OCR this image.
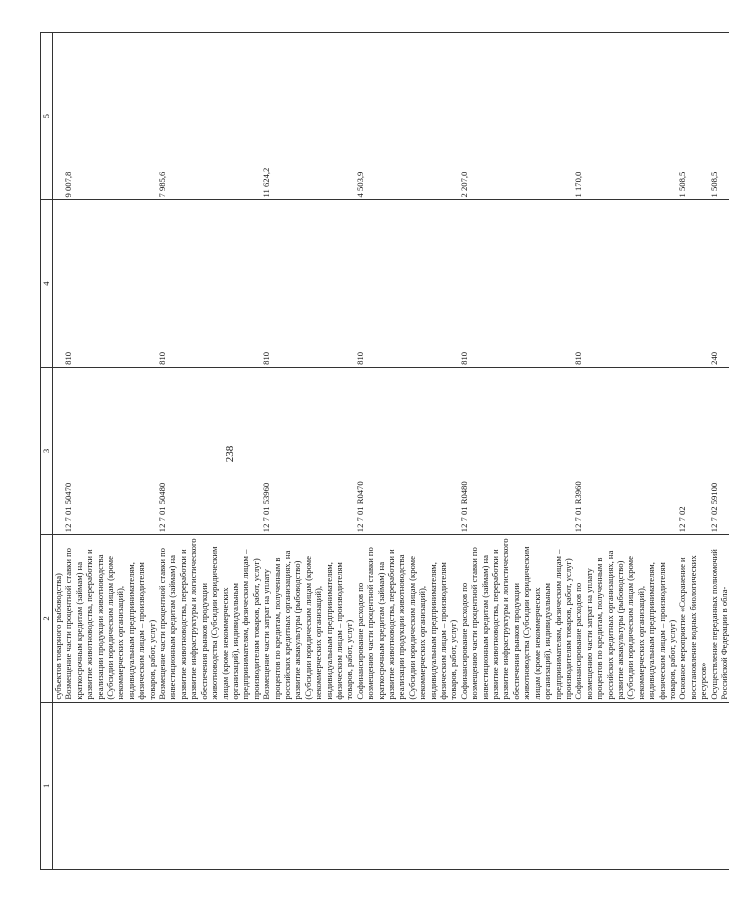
238
1	2	3	4	5
	субъектов товарного рыбоводства)			
	Возмещение части процентной ставки по краткосрочным кредитам (займам) на развитие животноводства, переработки и реализации продукции животноводства (Субсидии юридическим лицам (кроме некоммерческих организаций), индивидуальным предпринимателям, физическим лицам – производителям товаров, работ, услуг)	12 7 01 50470	810	9 007,8
	Возмещение части процентной ставки по инвестиционным кредитам (займам) на развитие животноводства, переработки и развитие инфраструктуры и логистического обеспечения рынков продукции животноводства (Субсидии юридическим лицам (кроме некоммерческих организаций), индивидуальным предпринимателям, физическим лицам – производителям товаров, работ, услуг)	12 7 01 50480	810	7 985,6
	Возмещение части затрат на уплату процентов по кредитам, полученным в российских кредитных организациях, на развитие аквакультуры (рыбоводство) (Субсидии юридическим лицам (кроме некоммерческих организаций), индивидуальным предпринимателям, физическим лицам – производителям товаров, работ, услуг)	12 7 01 53960	810	11 624,2
	Софинансирование расходов по возмещению части процентной ставки по краткосрочным кредитам (займам) на развитие животноводства, переработки и реализации продукции животноводства (Субсидии юридическим лицам (кроме некоммерческих организаций), индивидуальным предпринимателям, физическим лицам – производителям товаров, работ, услуг)	12 7 01 R0470	810	4 503,9
	Софинансирование расходов по возмещению части процентной ставки по инвестиционным кредитам (займам) на развитие животноводства, переработки и развитие инфраструктуры и логистического обеспечения рынков продукции животноводства (Субсидии юридическим лицам (кроме некоммерческих организаций), индивидуальным предпринимателям, физическим лицам – производителям товаров, работ, услуг)	12 7 01 R0480	810	2 207,0
	Софинансирование расходов по возмещению части затрат на уплату процентов по кредитам, полученным в российских кредитных организациях, на развитие аквакультуры (рыбоводство) (Субсидии юридическим лицам (кроме некоммерческих организаций), индивидуальным предпринимателям, физическим лицам – производителям товаров, работ, услуг)	12 7 01 R3960	810	1 170,0
	Основное мероприятие «Сохранение и восстановление водных биологических ресурсов»	12 7 02		1 508,5
	Осуществление переданных полномочий Российской Федерации в обла-	12 7 02 59100	240	1 508,5
